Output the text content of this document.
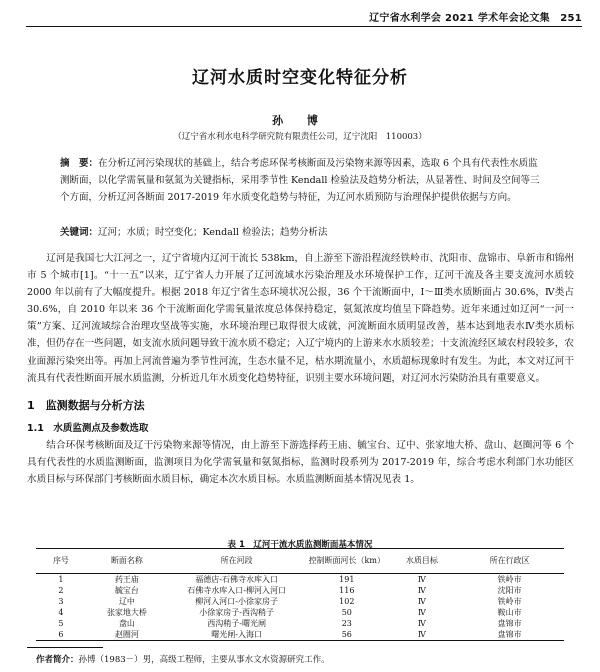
辽宁省水利学会 2021 学术年会论文集　251
辽河水质时空变化特征分析
孙 博
（辽宁省水利水电科学研究院有限责任公司，辽宁沈阳　110003）
摘　要：在分析辽河污染现状的基础上，结合考虑环保考核断面及污染物来源等因素，选取 6 个具有代表性水质监测断面，以化学需氧量和氨氮为关键指标，采用季节性 Kendall 检验法及趋势分析法，从显著性、时间及空间等三个方面，分析辽河各断面 2017-2019 年水质变化趋势与特征，为辽河水质预防与治理保护提供依据与方向。
关键词：辽河；水质；时空变化；Kendall 检验法；趋势分析法
辽河是我国七大江河之一，辽宁省境内辽河干流长 538km，自上游至下游沿程流经铁岭市、沈阳市、盘锦市、阜新市和锦州市 5 个城市[1]。“十一五”以来，辽宁省人力开展了辽河流域水污染治理及水环境保护工作，辽河干流及各主要支流河水质较 2000 年以前有了大幅度提升。根据 2018 年辽宁省生态环境状况公报，36 个干流断面中，Ⅰ～Ⅲ类水质断面占 30.6%，Ⅳ类占 30.6%，自 2010 年以来 36 个干流断面化学需氧量浓度总体保持稳定，氨氮浓度均值呈下降趋势。近年来通过如辽河“一河一策”方案、辽河流域综合治理攻坚战等实施，水环境治理已取得很大成就，河流断面水质明显改善，基本达到地表水Ⅳ类水质标准，但仍存在一些问题，如支流水质问题导致干流水质不稳定；入辽宁境内的上游来水水质较差；十支流流经区域农村段较多，农业面源污染突出等。再加上河流普遍为季节性河流，生态水量不足，枯水期流量小，水质超标现象时有发生。为此，本文对辽河干流具有代表性断面开展水质监测，分析近几年水质变化趋势特征，识别主要水环境问题，对辽河水污染防治具有重要意义。
1　监测数据与分析方法
1.1　水质监测点及参数选取
结合环保考核断面及辽干污染物来源等情况，由上游至下游选择药王庙、毓宝台、辽中、张家地大桥、盘山、赵圈河等 6 个具有代表性的水质监测断面，监测项目为化学需氧量和氨氮指标，监测时段系列为 2017-2019 年，综合考虑水利部门水功能区水质目标与环保部门考核断面水质目标，确定本次水质目标。水质监测断面基本情况见表 1。
表 1　辽河干流水质监测断面基本情况
序号	断面名称	所在河段	控制断面河长（km）	水质目标	所在行政区
1	药王庙	福德店-石佛寺水库入口	191	Ⅳ	铁岭市
2	毓宝台	石佛寺水库入口-柳河入河口	116	Ⅳ	沈阳市
3	辽中	柳河入河口-小徐家房子	102	Ⅳ	铁岭市
4	张家地大桥	小徐家房子-西沟稍子	50	Ⅳ	鞍山市
5	盘山	西沟稍子-曙光闸	23	Ⅳ	盘锦市
6	赵圈河	曙光闸-入海口	56	Ⅳ	盘锦市
作者简介：孙博（1983－）男，高级工程师，主要从事水文水资源研究工作。
